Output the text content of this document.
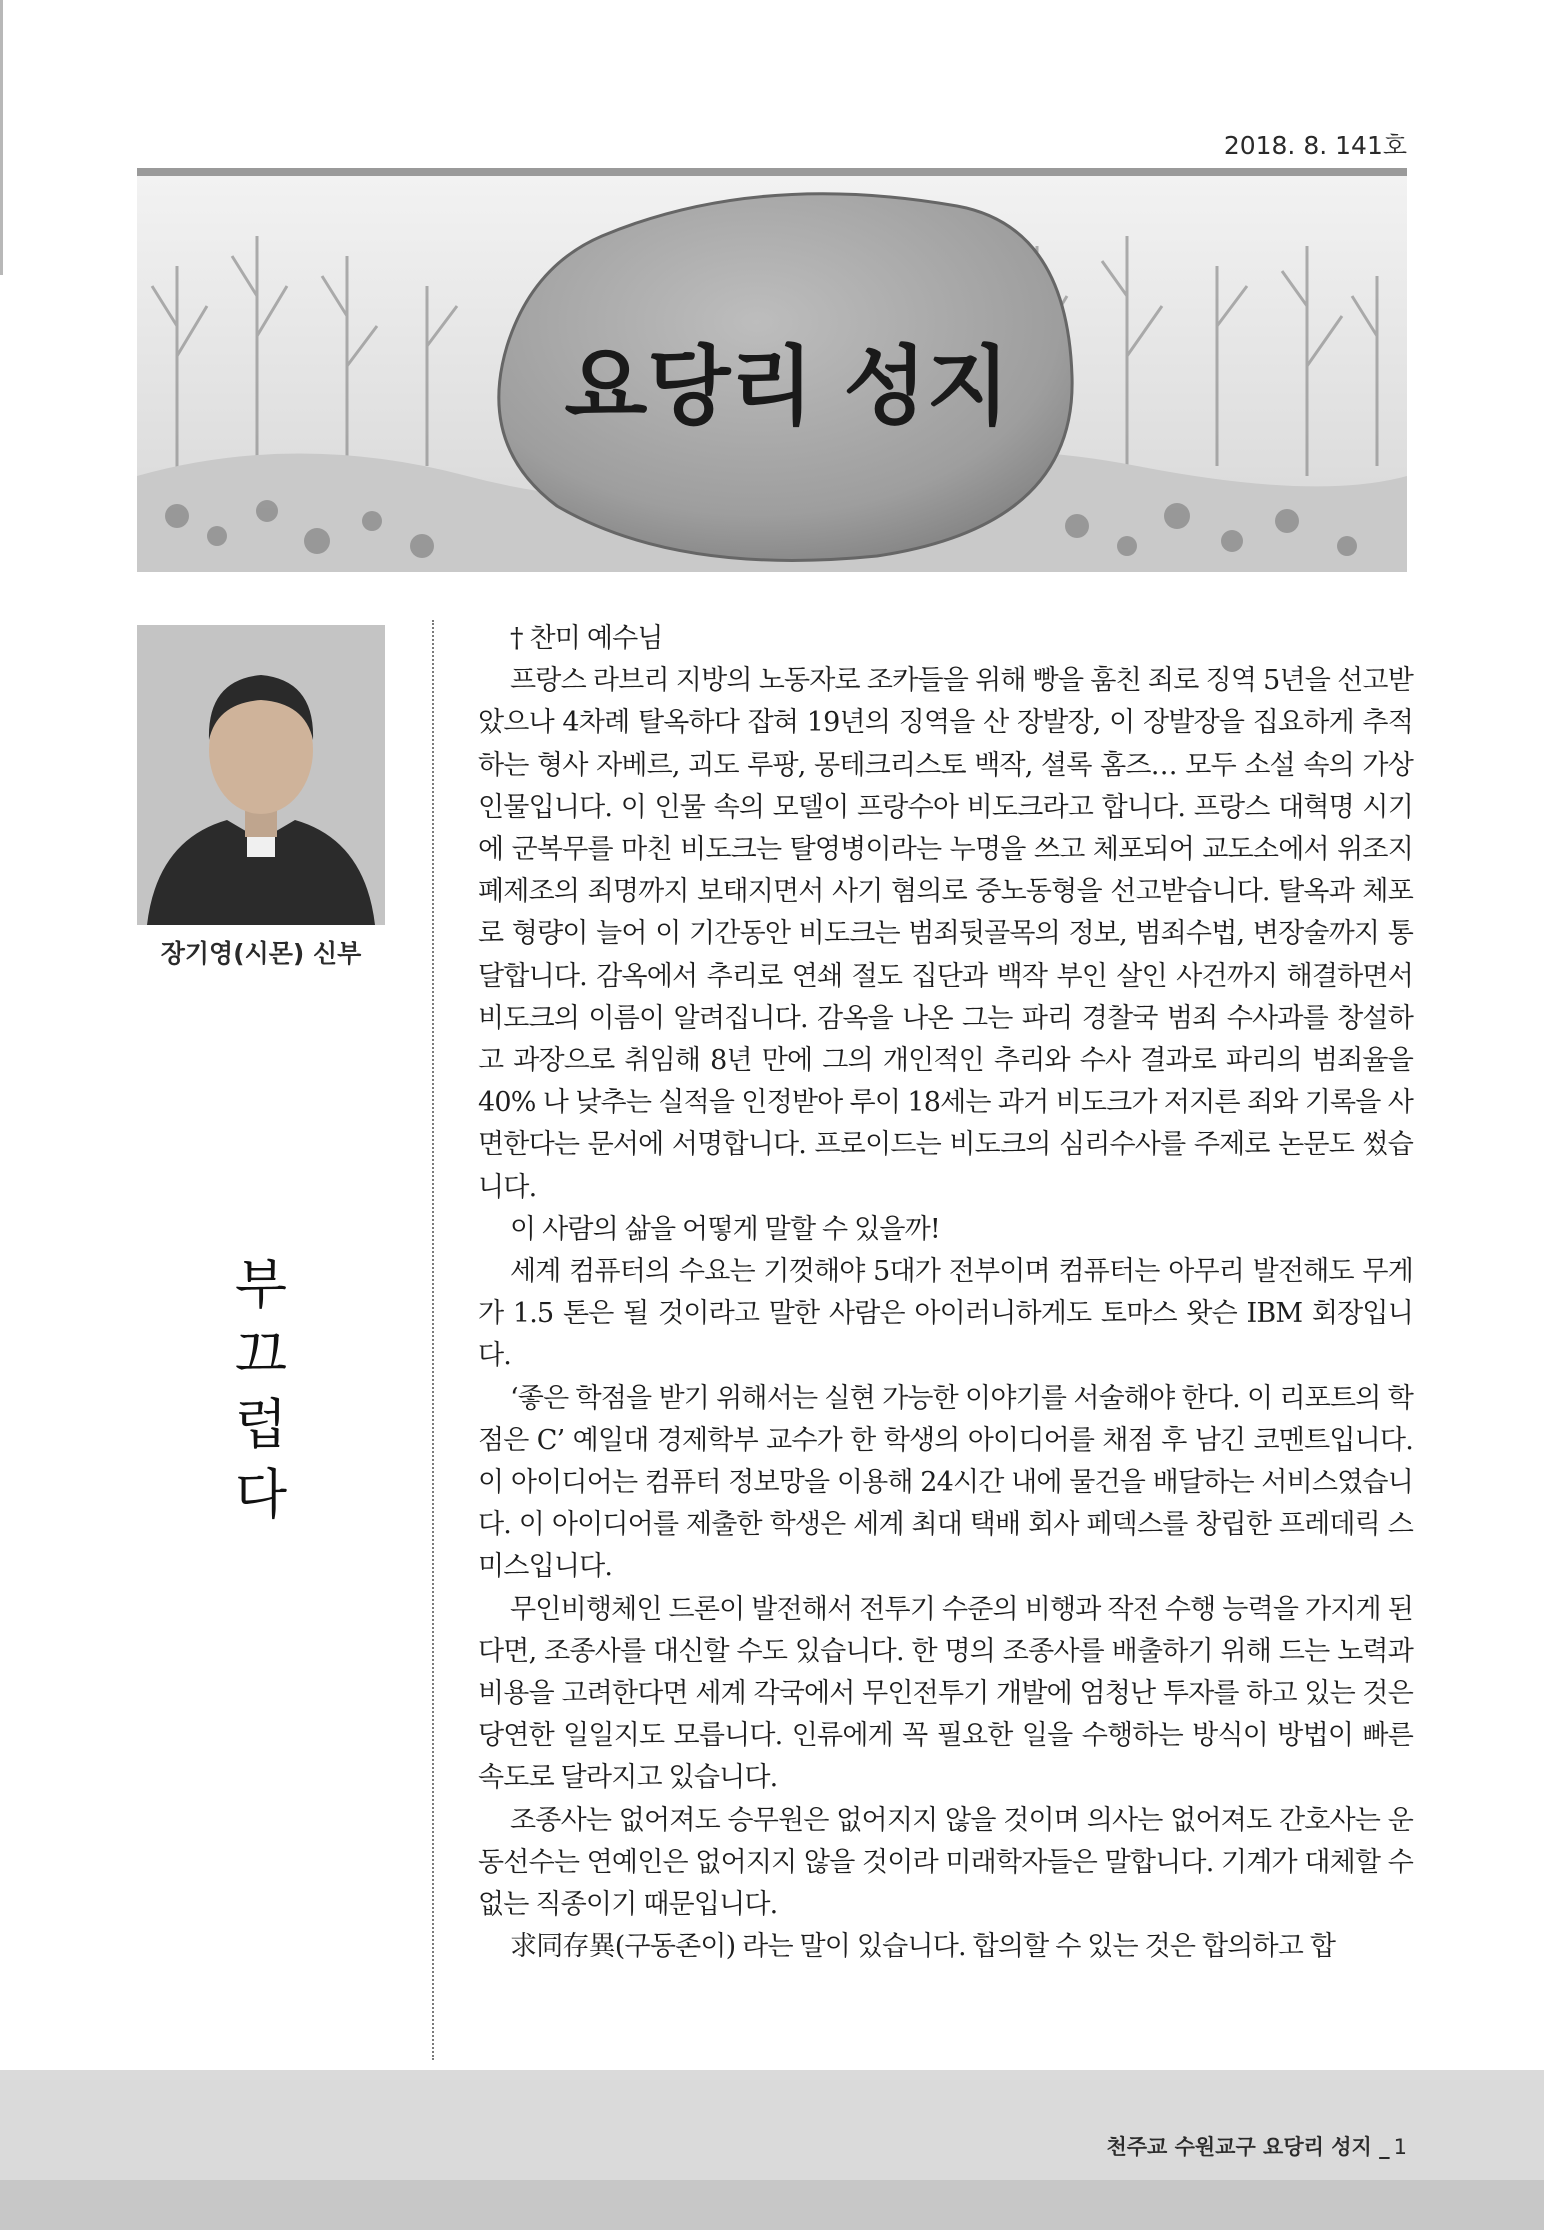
2018. 8. 141호
요당리 성지
장기영(시몬) 신부
부
끄
럽
다

† 찬미 예수님

프랑스 라브리 지방의 노동자로 조카들을 위해 빵을 훔친 죄로 징역 5년을 선고받았으나 4차례 탈옥하다 잡혀 19년의 징역을 산 장발장, 이 장발장을 집요하게 추적하는 형사 자베르, 괴도 루팡, 몽테크리스토 백작, 셜록 홈즈… 모두 소설 속의 가상 인물입니다. 이 인물 속의 모델이 프랑수아 비도크라고 합니다. 프랑스 대혁명 시기에 군복무를 마친 비도크는 탈영병이라는 누명을 쓰고 체포되어 교도소에서 위조지폐제조의 죄명까지 보태지면서 사기 혐의로 중노동형을 선고받습니다. 탈옥과 체포로 형량이 늘어 이 기간동안 비도크는 범죄뒷골목의 정보, 범죄수법, 변장술까지 통달합니다. 감옥에서 추리로 연쇄 절도 집단과 백작 부인 살인 사건까지 해결하면서 비도크의 이름이 알려집니다. 감옥을 나온 그는 파리 경찰국 범죄 수사과를 창설하고 과장으로 취임해 8년 만에 그의 개인적인 추리와 수사 결과로 파리의 범죄율을 40% 나 낮추는 실적을 인정받아 루이 18세는 과거 비도크가 저지른 죄와 기록을 사면한다는 문서에 서명합니다. 프로이드는 비도크의 심리수사를 주제로 논문도 썼습니다.

이 사람의 삶을 어떻게 말할 수 있을까!

세계 컴퓨터의 수요는 기껏해야 5대가 전부이며 컴퓨터는 아무리 발전해도 무게가 1.5 톤은 될 것이라고 말한 사람은 아이러니하게도 토마스 왓슨 IBM 회장입니다.

‘좋은 학점을 받기 위해서는 실현 가능한 이야기를 서술해야 한다. 이 리포트의 학점은 C’ 예일대 경제학부 교수가 한 학생의 아이디어를 채점 후 남긴 코멘트입니다. 이 아이디어는 컴퓨터 정보망을 이용해 24시간 내에 물건을 배달하는 서비스였습니다. 이 아이디어를 제출한 학생은 세계 최대 택배 회사 페덱스를 창립한 프레데릭 스미스입니다.

무인비행체인 드론이 발전해서 전투기 수준의 비행과 작전 수행 능력을 가지게 된다면, 조종사를 대신할 수도 있습니다. 한 명의 조종사를 배출하기 위해 드는 노력과 비용을 고려한다면 세계 각국에서 무인전투기 개발에 엄청난 투자를 하고 있는 것은 당연한 일일지도 모릅니다. 인류에게 꼭 필요한 일을 수행하는 방식이 방법이 빠른 속도로 달라지고 있습니다.

조종사는 없어져도 승무원은 없어지지 않을 것이며 의사는 없어져도 간호사는 운동선수는 연예인은 없어지지 않을 것이라 미래학자들은 말합니다. 기계가 대체할 수 없는 직종이기 때문입니다.

求同存異(구동존이) 라는 말이 있습니다. 합의할 수 있는 것은 합의하고 합

천주교 수원교구 요당리 성지 _ 1
